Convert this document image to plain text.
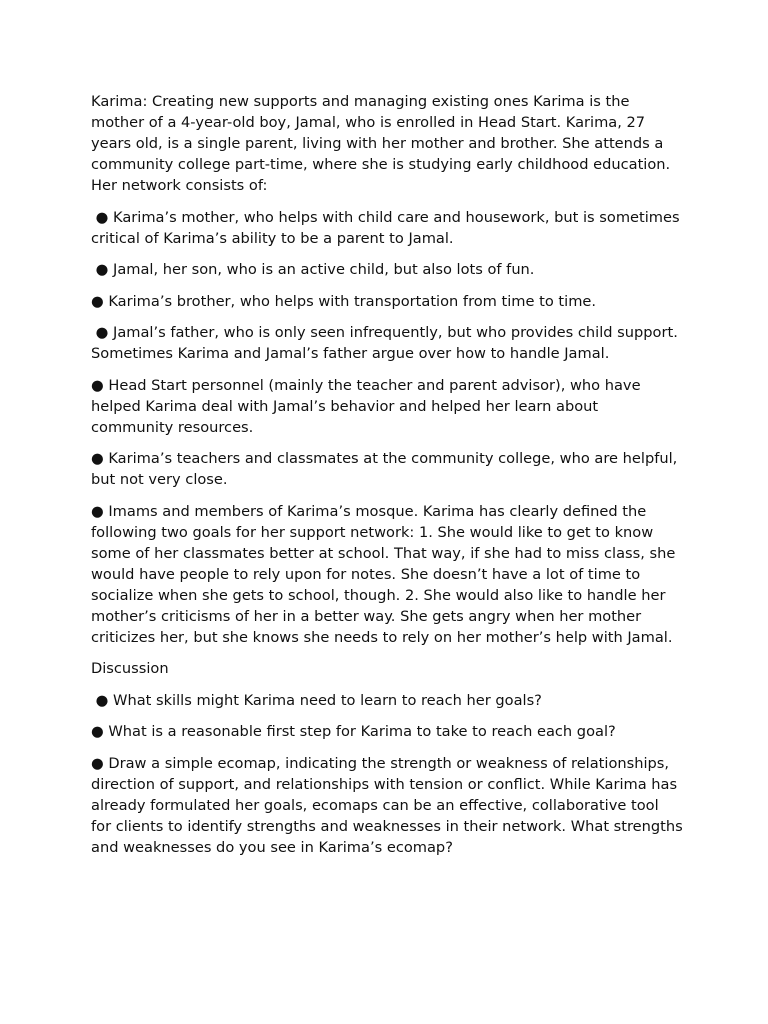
Karima: Creating new supports and managing existing ones Karima is the mother of a 4-year-old boy, Jamal, who is enrolled in Head Start. Karima, 27 years old, is a single parent, living with her mother and brother. She attends a community college part-time, where she is studying early childhood education. Her network consists of:

● Karima’s mother, who helps with child care and housework, but is sometimes critical of Karima’s ability to be a parent to Jamal.

● Jamal, her son, who is an active child, but also lots of fun.

● Karima’s brother, who helps with transportation from time to time.

● Jamal’s father, who is only seen infrequently, but who provides child support. Sometimes Karima and Jamal’s father argue over how to handle Jamal.

● Head Start personnel (mainly the teacher and parent advisor), who have helped Karima deal with Jamal’s behavior and helped her learn about community resources.

● Karima’s teachers and classmates at the community college, who are helpful, but not very close.

● Imams and members of Karima’s mosque. Karima has clearly defined the following two goals for her support network: 1. She would like to get to know some of her classmates better at school. That way, if she had to miss class, she would have people to rely upon for notes. She doesn’t have a lot of time to socialize when she gets to school, though. 2. She would also like to handle her mother’s criticisms of her in a better way. She gets angry when her mother criticizes her, but she knows she needs to rely on her mother’s help with Jamal.

Discussion

● What skills might Karima need to learn to reach her goals?

● What is a reasonable first step for Karima to take to reach each goal?

● Draw a simple ecomap, indicating the strength or weakness of relationships, direction of support, and relationships with tension or conflict. While Karima has already formulated her goals, ecomaps can be an effective, collaborative tool for clients to identify strengths and weaknesses in their network. What strengths and weaknesses do you see in Karima’s ecomap?
